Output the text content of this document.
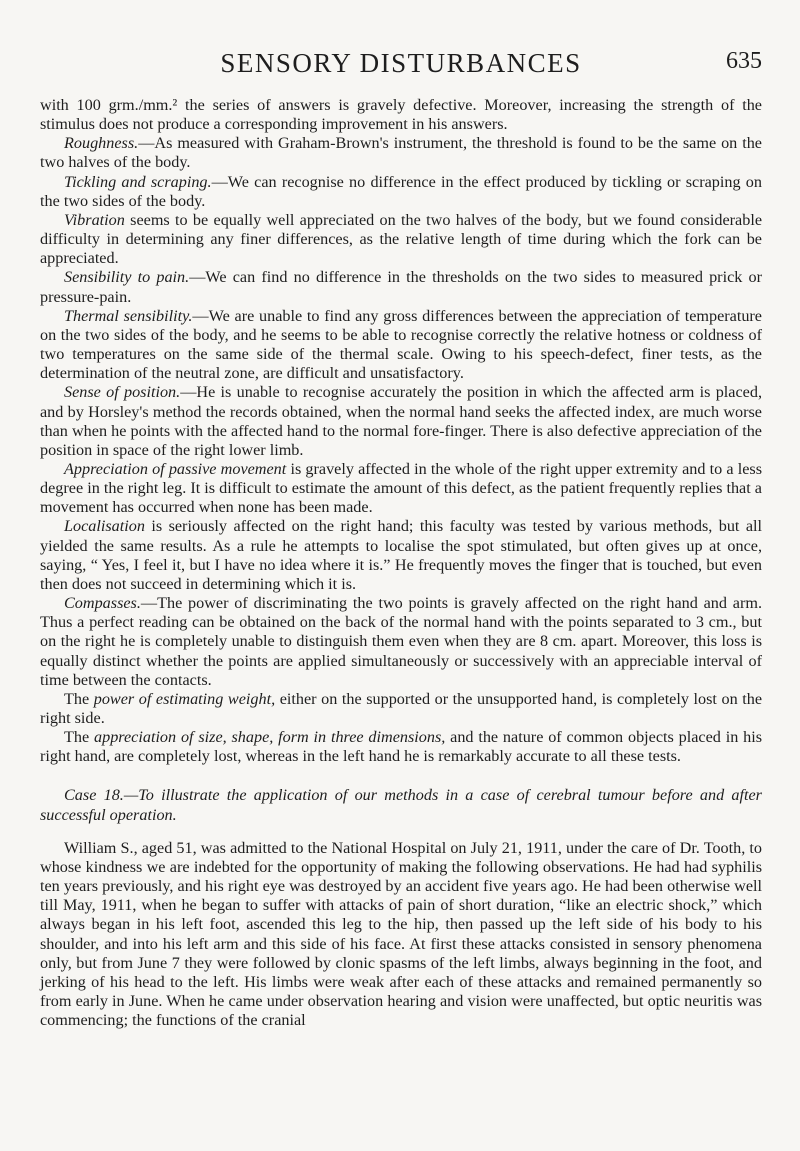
SENSORY DISTURBANCES	635

with 100 grm./mm.² the series of answers is gravely defective. Moreover, increasing the strength of the stimulus does not produce a corresponding improvement in his answers.

Roughness.—As measured with Graham-Brown's instrument, the threshold is found to be the same on the two halves of the body.

Tickling and scraping.—We can recognise no difference in the effect produced by tickling or scraping on the two sides of the body.

Vibration seems to be equally well appreciated on the two halves of the body, but we found considerable difficulty in determining any finer differences, as the relative length of time during which the fork can be appreciated.

Sensibility to pain.—We can find no difference in the thresholds on the two sides to measured prick or pressure-pain.

Thermal sensibility.—We are unable to find any gross differences between the appreciation of temperature on the two sides of the body, and he seems to be able to recognise correctly the relative hotness or coldness of two temperatures on the same side of the thermal scale. Owing to his speech-defect, finer tests, as the determination of the neutral zone, are difficult and unsatisfactory.

Sense of position.—He is unable to recognise accurately the position in which the affected arm is placed, and by Horsley's method the records obtained, when the normal hand seeks the affected index, are much worse than when he points with the affected hand to the normal fore-finger. There is also defective appreciation of the position in space of the right lower limb.

Appreciation of passive movement is gravely affected in the whole of the right upper extremity and to a less degree in the right leg. It is difficult to estimate the amount of this defect, as the patient frequently replies that a movement has occurred when none has been made.

Localisation is seriously affected on the right hand; this faculty was tested by various methods, but all yielded the same results. As a rule he attempts to localise the spot stimulated, but often gives up at once, saying, “ Yes, I feel it, but I have no idea where it is.” He frequently moves the finger that is touched, but even then does not succeed in determining which it is.

Compasses.—The power of discriminating the two points is gravely affected on the right hand and arm. Thus a perfect reading can be obtained on the back of the normal hand with the points separated to 3 cm., but on the right he is completely unable to distinguish them even when they are 8 cm. apart. Moreover, this loss is equally distinct whether the points are applied simultaneously or successively with an appreciable interval of time between the contacts.

The power of estimating weight, either on the supported or the unsupported hand, is completely lost on the right side.

The appreciation of size, shape, form in three dimensions, and the nature of common objects placed in his right hand, are completely lost, whereas in the left hand he is remarkably accurate to all these tests.

Case 18.—To illustrate the application of our methods in a case of cerebral tumour before and after successful operation.

William S., aged 51, was admitted to the National Hospital on July 21, 1911, under the care of Dr. Tooth, to whose kindness we are indebted for the opportunity of making the following observations. He had had syphilis ten years previously, and his right eye was destroyed by an accident five years ago. He had been otherwise well till May, 1911, when he began to suffer with attacks of pain of short duration, “like an electric shock,” which always began in his left foot, ascended this leg to the hip, then passed up the left side of his body to his shoulder, and into his left arm and this side of his face. At first these attacks consisted in sensory phenomena only, but from June 7 they were followed by clonic spasms of the left limbs, always beginning in the foot, and jerking of his head to the left. His limbs were weak after each of these attacks and remained permanently so from early in June. When he came under observation hearing and vision were unaffected, but optic neuritis was commencing; the functions of the cranial
